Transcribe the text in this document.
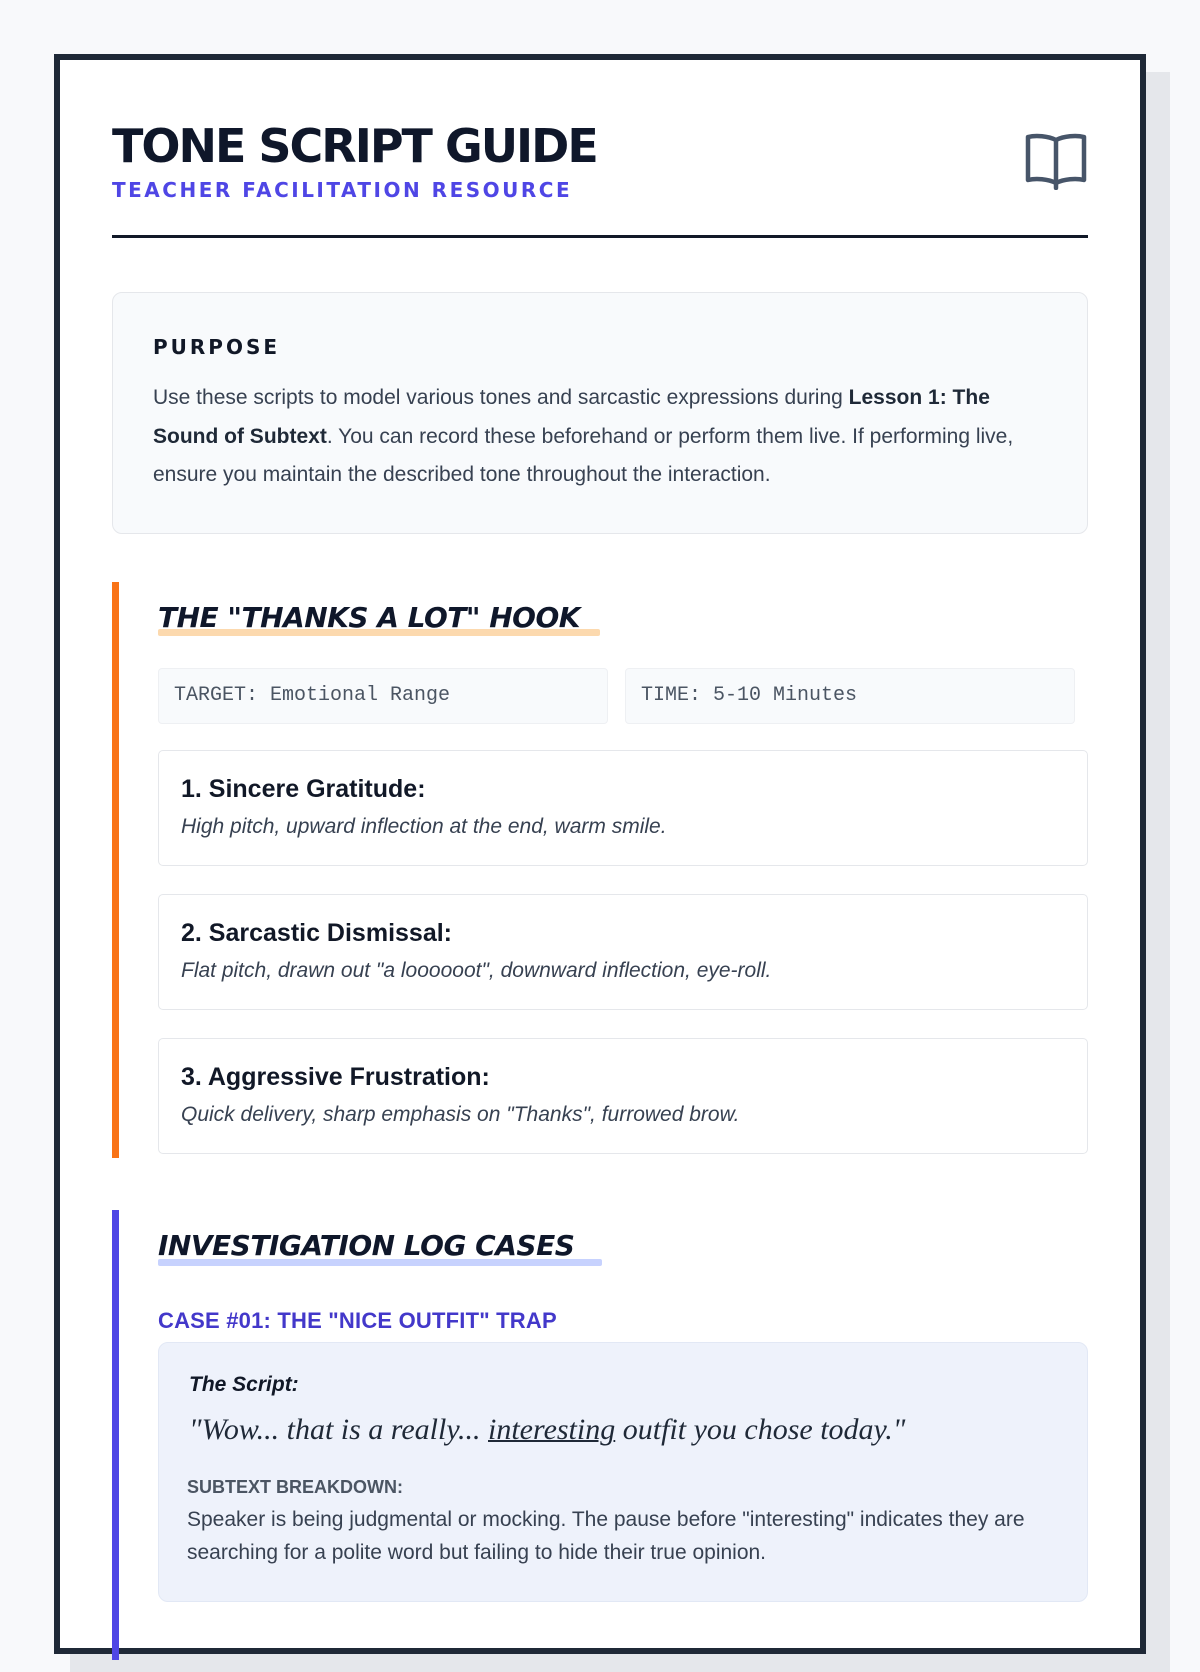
TONE SCRIPT GUIDE
TEACHER FACILITATION RESOURCE
PURPOSE
Use these scripts to model various tones and sarcastic expressions during Lesson 1: The Sound of Subtext. You can record these beforehand or perform them live. If performing live, ensure you maintain the described tone throughout the interaction.
THE "THANKS A LOT" HOOK
TARGET: Emotional Range	TIME: 5-10 Minutes
1. Sincere Gratitude:
High pitch, upward inflection at the end, warm smile.
2. Sarcastic Dismissal:
Flat pitch, drawn out "a loooooot", downward inflection, eye-roll.
3. Aggressive Frustration:
Quick delivery, sharp emphasis on "Thanks", furrowed brow.
INVESTIGATION LOG CASES
CASE #01: THE "NICE OUTFIT" TRAP
The Script:
"Wow... that is a really... interesting outfit you chose today."
SUBTEXT BREAKDOWN:
Speaker is being judgmental or mocking. The pause before "interesting" indicates they are searching for a polite word but failing to hide their true opinion.
